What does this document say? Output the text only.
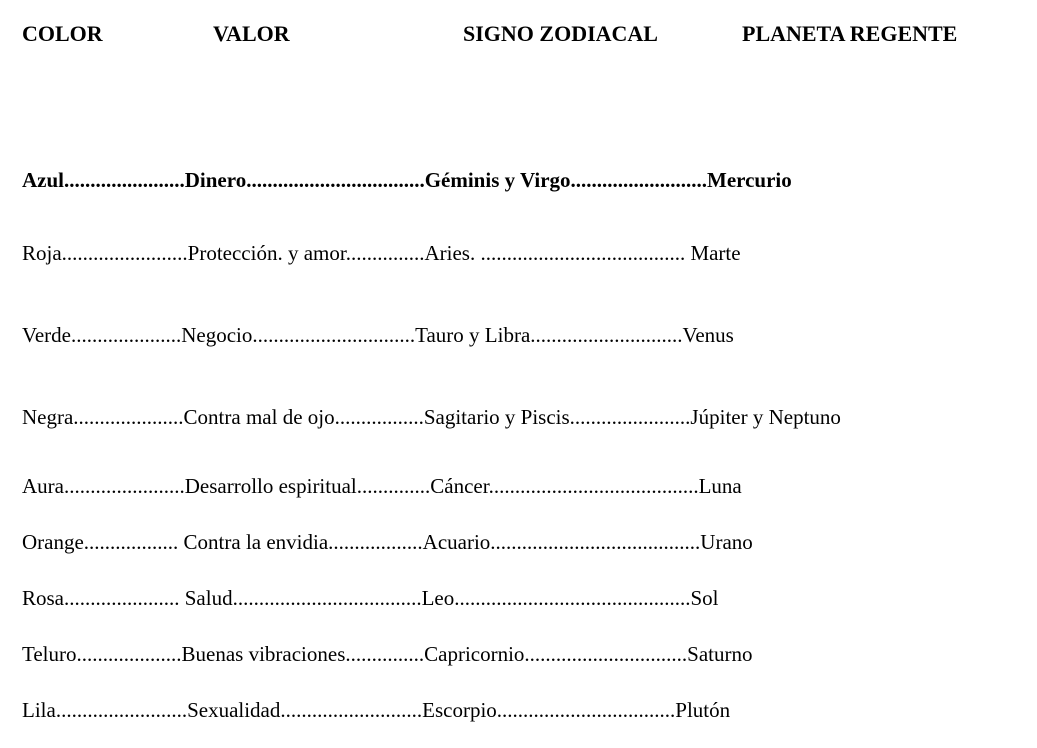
COLOR	VALOR	SIGNO ZODIACAL	PLANETA REGENTE
Azul.......................Dinero..................................Géminis y Virgo..........................Mercurio
Roja........................Protección. y amor...............Aries. ....................................... Marte
Verde.....................Negocio...............................Tauro y Libra.............................Venus
Negra.....................Contra mal de ojo.................Sagitario y Piscis.......................Júpiter y Neptuno
Aura.......................Desarrollo espiritual..............Cáncer........................................Luna
Orange.................. Contra la envidia..................Acuario........................................Urano
Rosa...................... Salud....................................Leo.............................................Sol
Teluro....................Buenas vibraciones...............Capricornio...............................Saturno
Lila.........................Sexualidad...........................Escorpio..................................Plutón
